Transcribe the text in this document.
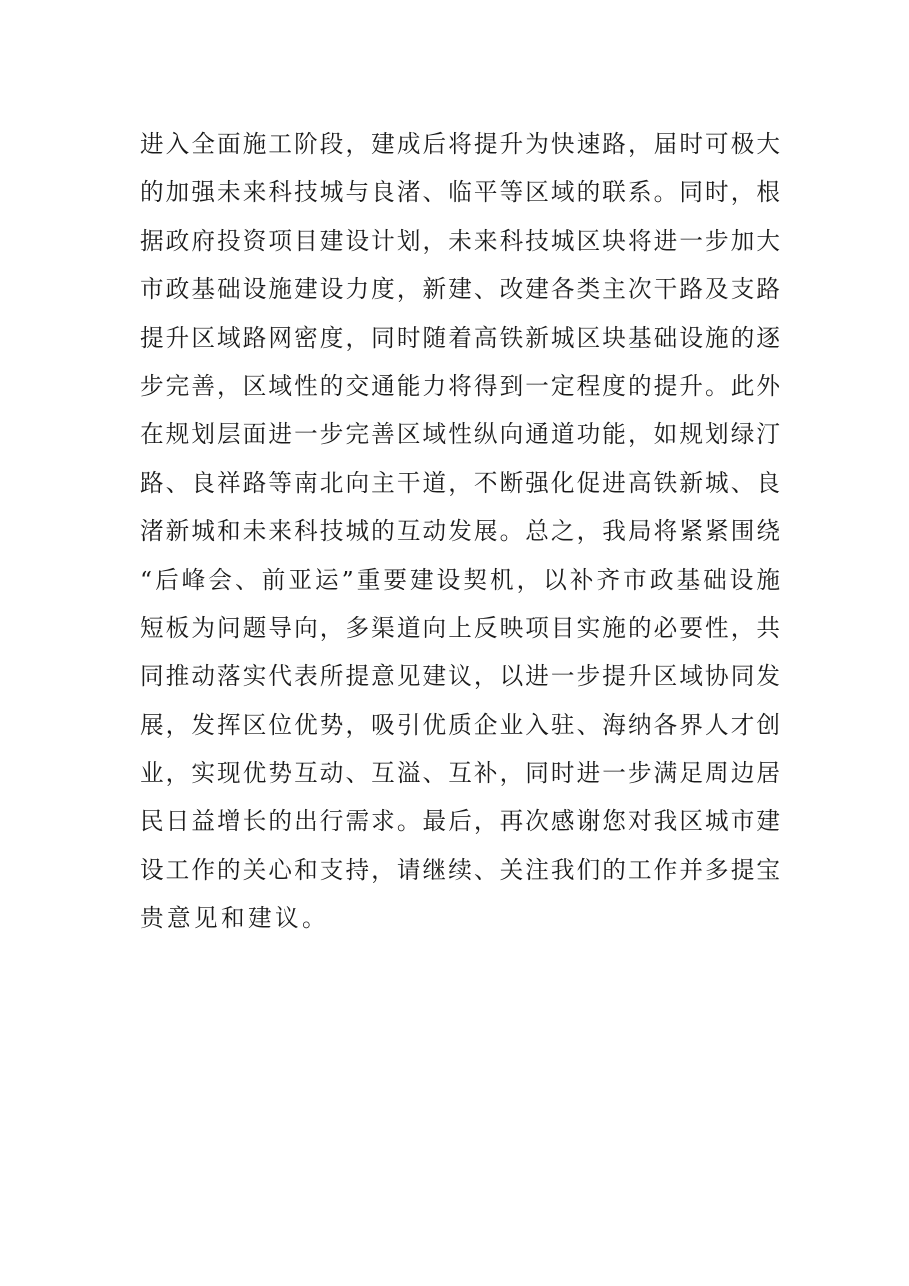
进入全面施工阶段，建成后将提升为快速路，届时可极大
的加强未来科技城与良渚、临平等区域的联系。同时，根
据政府投资项目建设计划，未来科技城区块将进一步加大
市政基础设施建设力度，新建、改建各类主次干路及支路
提升区域路网密度，同时随着高铁新城区块基础设施的逐
步完善，区域性的交通能力将得到一定程度的提升。此外
在规划层面进一步完善区域性纵向通道功能，如规划绿汀
路、良祥路等南北向主干道，不断强化促进高铁新城、良
渚新城和未来科技城的互动发展。总之，我局将紧紧围绕
“后峰会、前亚运”重要建设契机，以补齐市政基础设施
短板为问题导向，多渠道向上反映项目实施的必要性，共
同推动落实代表所提意见建议，以进一步提升区域协同发
展，发挥区位优势，吸引优质企业入驻、海纳各界人才创
业，实现优势互动、互溢、互补，同时进一步满足周边居
民日益增长的出行需求。最后，再次感谢您对我区城市建
设工作的关心和支持，请继续、关注我们的工作并多提宝
贵意见和建议。
